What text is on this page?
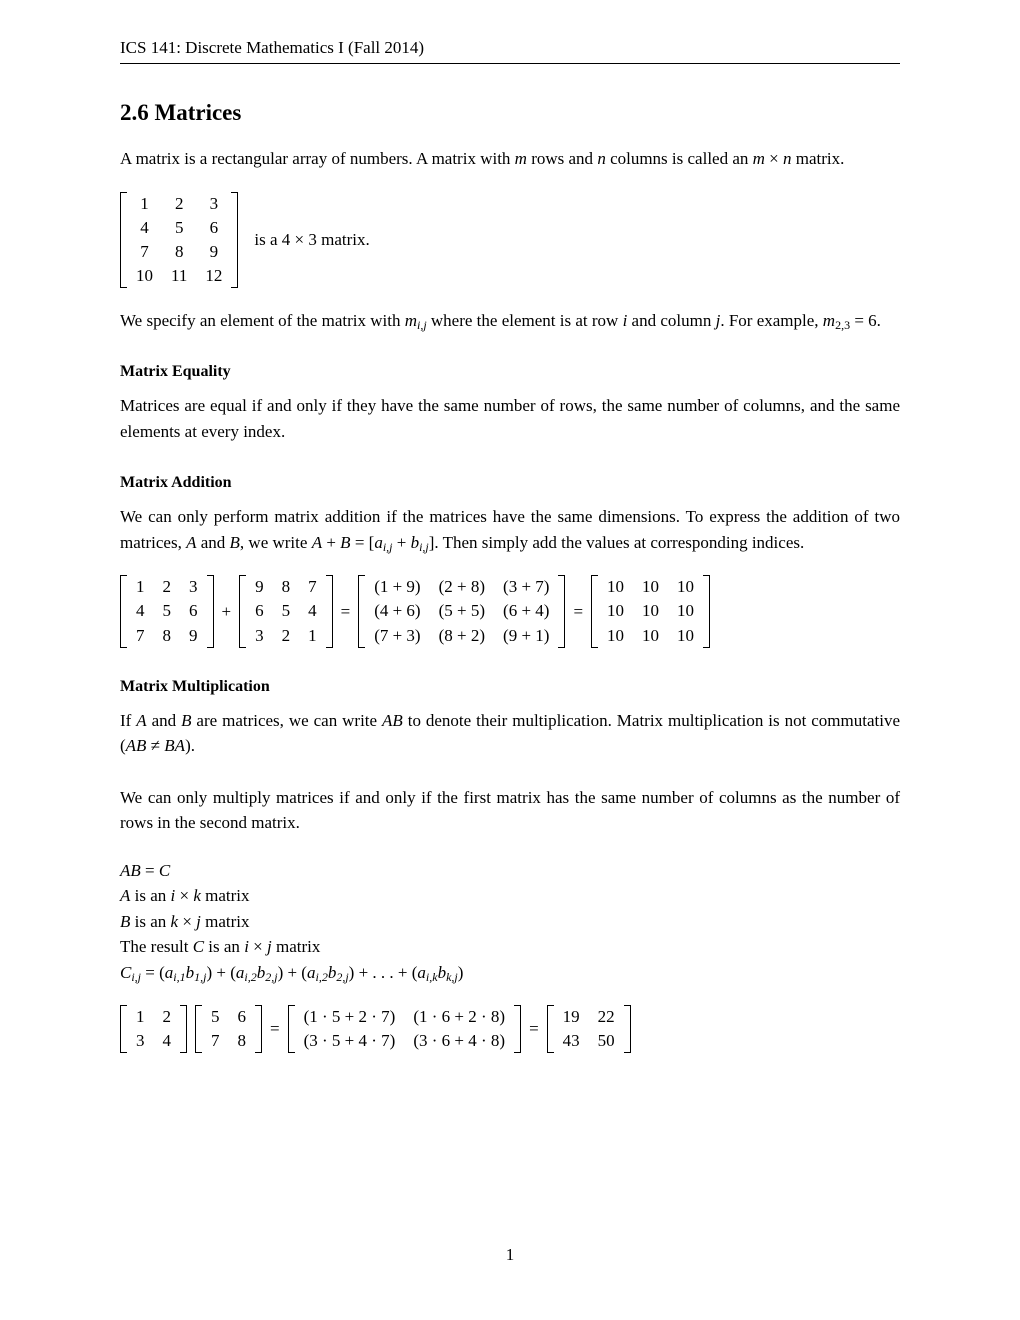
ICS 141: Discrete Mathematics I (Fall 2014)
2.6 Matrices

A matrix is a rectangular array of numbers. A matrix with m rows and n columns is called an m × n matrix.

1	2	3
4	5	6
7	8	9
10	11	12
is a 4 × 3 matrix.

We specify an element of the matrix with $m_{i,j}$ where the element is at row i and column j. For example, $m_{2,3} = 6$.

Matrix Equality

Matrices are equal if and only if they have the same number of rows, the same number of columns, and the same elements at every index.

Matrix Addition

We can only perform matrix addition if the matrices have the same dimensions. To express the addition of two matrices, A and B, we write $A + B = [a_{i,j} + b_{i,j}]$. Then simply add the values at corresponding indices.

1	2	3
4	5	6
7	8	9
+
9	8	7
6	5	4
3	2	1
=
(1 + 9)	(2 + 8)	(3 + 7)
(4 + 6)	(5 + 5)	(6 + 4)
(7 + 3)	(8 + 2)	(9 + 1)
=
10	10	10
10	10	10
10	10	10
Matrix Multiplication

If A and B are matrices, we can write AB to denote their multiplication. Matrix multiplication is not commutative (AB ≠ BA).

We can only multiply matrices if and only if the first matrix has the same number of columns as the number of rows in the second matrix.

AB = C
A is an i × k matrix
B is an k × j matrix
The result C is an i × j matrix
$C_{i,j} = (a_{i,1}b_{1,j}) + (a_{i,2}b_{2,j}) + (a_{i,2}b_{2,j})$ + . . . + $(a_{i,k}b_{k,j})$
1	2
3	4
5	6
7	8
=
(1 · 5 + 2 · 7)	(1 · 6 + 2 · 8)
(3 · 5 + 4 · 7)	(3 · 6 + 4 · 8)
=
19	22
43	50
1
